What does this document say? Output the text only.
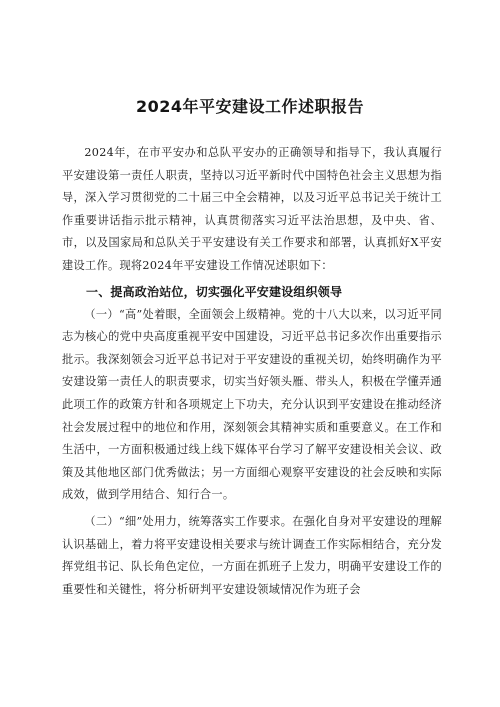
2024年平安建设工作述职报告

2024年，在市平安办和总队平安办的正确领导和指导下，我认真履行平安建设第一责任人职责，坚持以习近平新时代中国特色社会主义思想为指导，深入学习贯彻党的二十届三中全会精神，以及习近平总书记关于统计工作重要讲话指示批示精神，认真贯彻落实习近平法治思想，及中央、省、市，以及国家局和总队关于平安建设有关工作要求和部署，认真抓好X平安建设工作。现将2024年平安建设工作情况述职如下：

一、提高政治站位，切实强化平安建设组织领导

（一）“高”处着眼，全面领会上级精神。党的十八大以来，以习近平同志为核心的党中央高度重视平安中国建设，习近平总书记多次作出重要指示批示。我深刻领会习近平总书记对于平安建设的重视关切，始终明确作为平安建设第一责任人的职责要求，切实当好领头雁、带头人，积极在学懂弄通此项工作的政策方针和各项规定上下功夫，充分认识到平安建设在推动经济社会发展过程中的地位和作用，深刻领会其精神实质和重要意义。在工作和生活中，一方面积极通过线上线下媒体平台学习了解平安建设相关会议、政策及其他地区部门优秀做法；另一方面细心观察平安建设的社会反映和实际成效，做到学用结合、知行合一。

（二）“细”处用力，统筹落实工作要求。在强化自身对平安建设的理解认识基础上，着力将平安建设相关要求与统计调查工作实际相结合，充分发挥党组书记、队长角色定位，一方面在抓班子上发力，明确平安建设工作的重要性和关键性，将分析研判平安建设领域情况作为班子会
